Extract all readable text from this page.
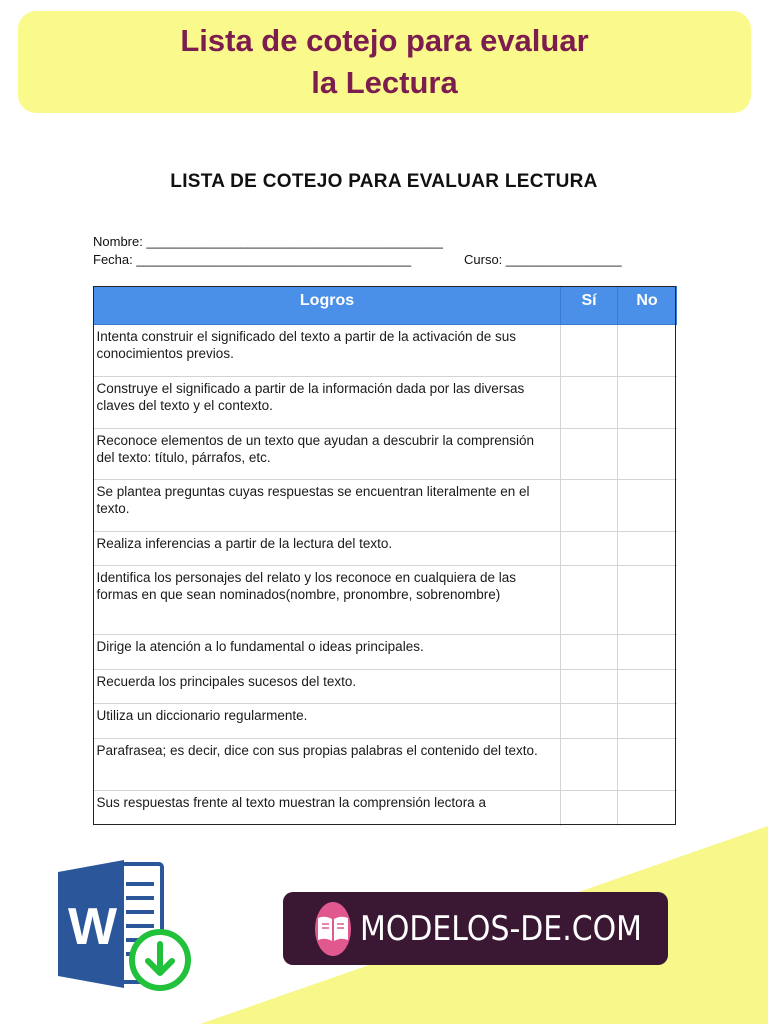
Lista de cotejo para evaluar
la Lectura
LISTA DE COTEJO PARA EVALUAR LECTURA
Nombre: _________________________________________
Fecha: ______________________________________	Curso: ________________
Logros	Sí	No
Intenta construir el significado del texto a partir de la activación de sus conocimientos previos.		
Construye el significado a partir de la información dada por las diversas claves del texto y el contexto.		
Reconoce elementos de un texto que ayudan a descubrir la comprensión del texto: título, párrafos, etc.		
Se plantea preguntas cuyas respuestas se encuentran literalmente en el texto.		
Realiza inferencias a partir de la lectura del texto.		
Identifica los personajes del relato y los reconoce en cualquiera de las formas en que sean nominados(nombre, pronombre, sobrenombre)		
Dirige la atención a lo fundamental o ideas principales.		
Recuerda los principales sucesos del texto.		
Utiliza un diccionario regularmente.		
Parafrasea; es decir, dice con sus propias palabras el contenido del texto.		
Sus respuestas frente al texto muestran la comprensión lectora a		
W	MODELOS-DE.COM
